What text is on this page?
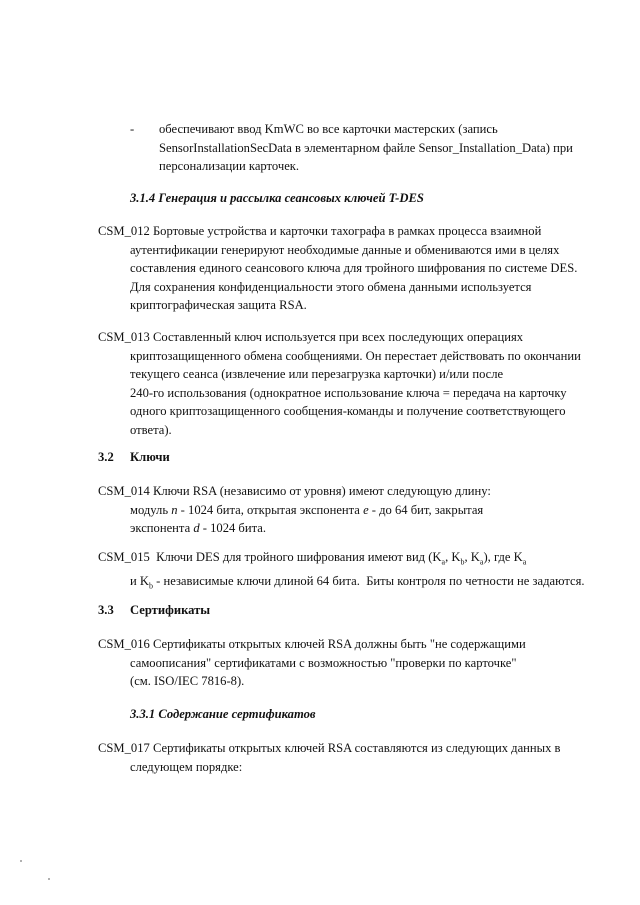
- обеспечивают ввод KmWC во все карточки мастерских (запись
SensorInstallationSecData в элементарном файле Sensor_Installation_Data) при
персонализации карточек.
3.1.4 Генерация и рассылка сеансовых ключей T-DES
CSM_012 Бортовые устройства и карточки тахографа в рамках процесса взаимной
аутентификации генерируют необходимые данные и обмениваются ими в целях
составления единого сеансового ключа для тройного шифрования по системе DES.
Для сохранения конфиденциальности этого обмена данными используется
криптографическая защита RSA.
CSM_013 Составленный ключ используется при всех последующих операциях
криптозащищенного обмена сообщениями. Он перестает действовать по окончании
текущего сеанса (извлечение или перезагрузка карточки) и/или после
240-го использования (однократное использование ключа = передача на карточку
одного криптозащищенного сообщения-команды и получение соответствующего
ответа).
3.2 Ключи
CSM_014 Ключи RSA (независимо от уровня) имеют следующую длину:
модуль n - 1024 бита, открытая экспонента e - до 64 бит, закрытая
экспонента d - 1024 бита.
CSM_015  Ключи DES для тройного шифрования имеют вид ($K_a$, $K_b$, $K_a$), где $K_a$
и $K_b$ - независимые ключи длиной 64 бита.  Биты контроля по четности не задаются.
3.3 Сертификаты
CSM_016 Сертификаты открытых ключей RSA должны быть "не содержащими
самоописания" сертификатами с возможностью "проверки по карточке"
(см. ISO/IEC 7816-8).
3.3.1 Содержание сертификатов
CSM_017 Сертификаты открытых ключей RSA составляются из следующих данных в
следующем порядке:
